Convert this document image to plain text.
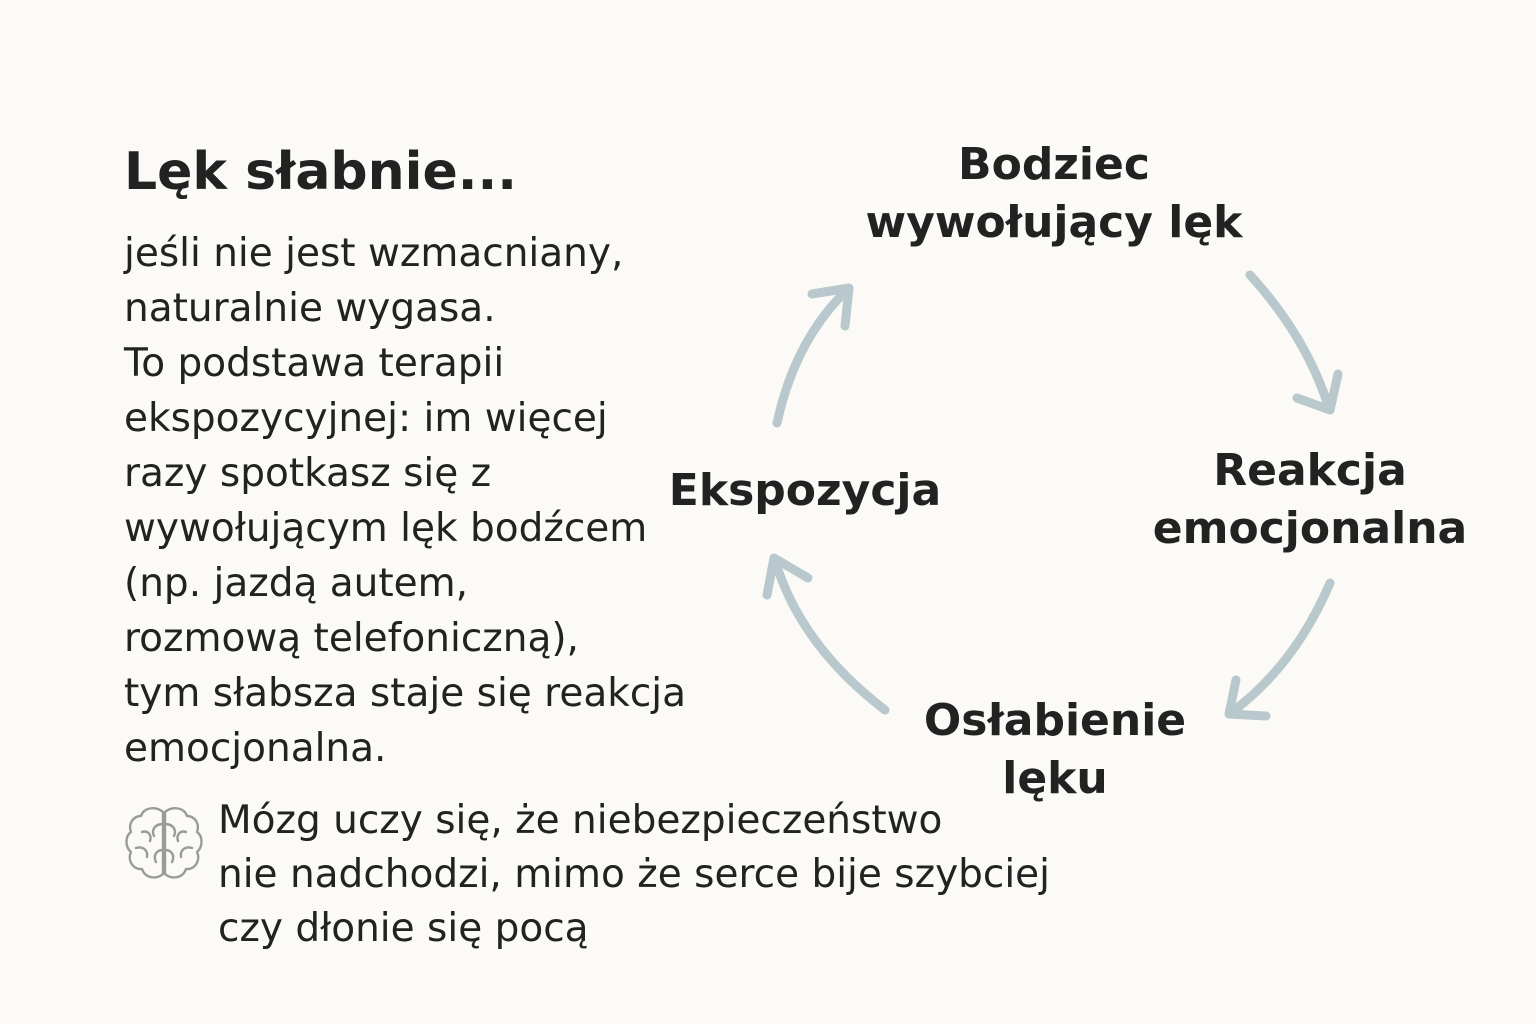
Lęk słabnie...
jeśli nie jest wzmacniany,
naturalnie wygasa.
To podstawa terapii
ekspozycyjnej: im więcej
razy spotkasz się z
wywołującym lęk bodźcem
(np. jazdą autem,
rozmową telefoniczną),
tym słabsza staje się reakcja
emocjonalna.
Mózg uczy się, że niebezpieczeństwo
nie nadchodzi, mimo że serce bije szybciej
czy dłonie się pocą
Bodziec
wywołujący lęk
Reakcja
emocjonalna
Osłabienie
lęku
Ekspozycja
